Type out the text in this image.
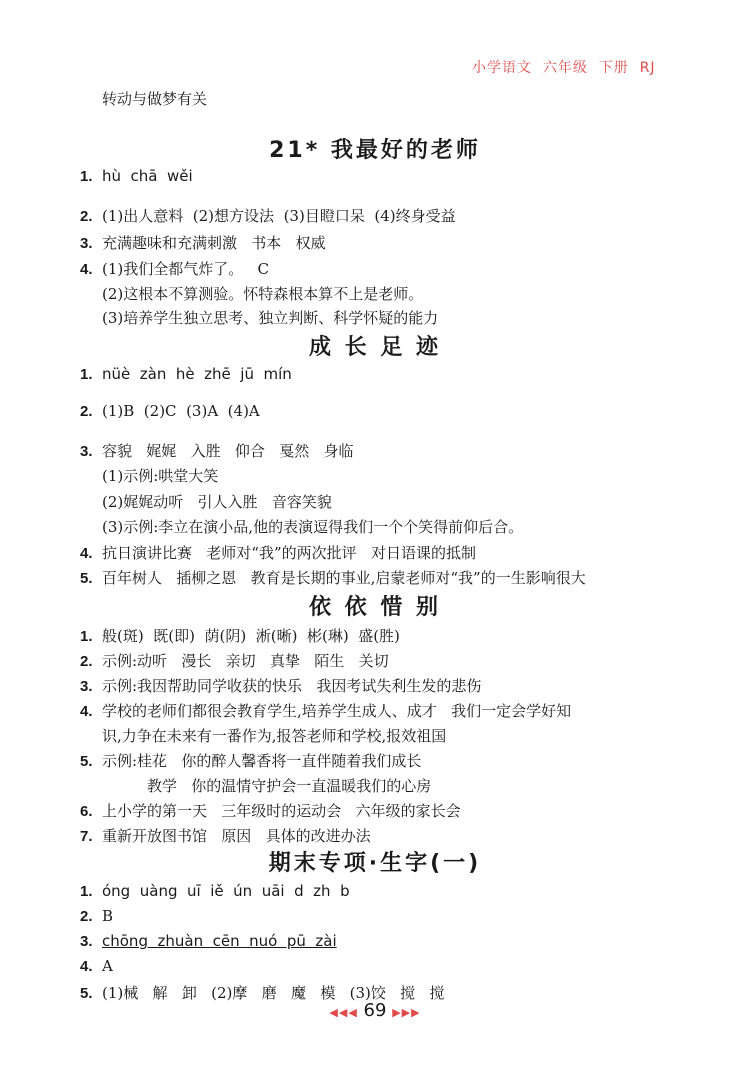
小学语文  六年级  下册  RJ
转动与做梦有关
21* 我最好的老师
1. hù  chā  wěi
2. (1)出人意料  (2)想方设法  (3)目瞪口呆  (4)终身受益
3. 充满趣味和充满刺激   书本   权威
4. (1)我们全都气炸了。   C
(2)这根本不算测验。怀特森根本算不上是老师。
(3)培养学生独立思考、独立判断、科学怀疑的能力
成 长 足 迹
1. nüè  zàn  hè  zhē  jū  mín
2. (1)B  (2)C  (3)A  (4)A
3. 容貌   娓娓   入胜   仰合   戛然   身临
(1)示例:哄堂大笑
(2)娓娓动听   引人入胜   音容笑貌
(3)示例:李立在演小品,他的表演逗得我们一个个笑得前仰后合。
4. 抗日演讲比赛   老师对“我”的两次批评   对日语课的抵制
5. 百年树人   插柳之恩   教育是长期的事业,启蒙老师对“我”的一生影响很大
依 依 惜 别
1. 般(斑)  既(即)  荫(阴)  淅(晰)  彬(琳)  盛(胜)
2. 示例:动听   漫长   亲切   真挚   陌生   关切
3. 示例:我因帮助同学收获的快乐   我因考试失利生发的悲伤
4. 学校的老师们都很会教育学生,培养学生成人、成才   我们一定会学好知
识,力争在未来有一番作为,报答老师和学校,报效祖国
5. 示例:桂花   你的醉人馨香将一直伴随着我们成长
教学   你的温情守护会一直温暖我们的心房
6. 上小学的第一天   三年级时的运动会   六年级的家长会
7. 重新开放图书馆   原因   具体的改进办法
期末专项·生字(一)
1. óng  uàng  uī  iě  ún  uāi  d  zh  b
2. B
3. chōng  zhuàn  cēn  nuó  pū  zài
4. A
5. (1)械   解   卸   (2)摩   磨   魔   模   (3)饺   搅   搅
◀◀◀ 69 ▶▶▶
